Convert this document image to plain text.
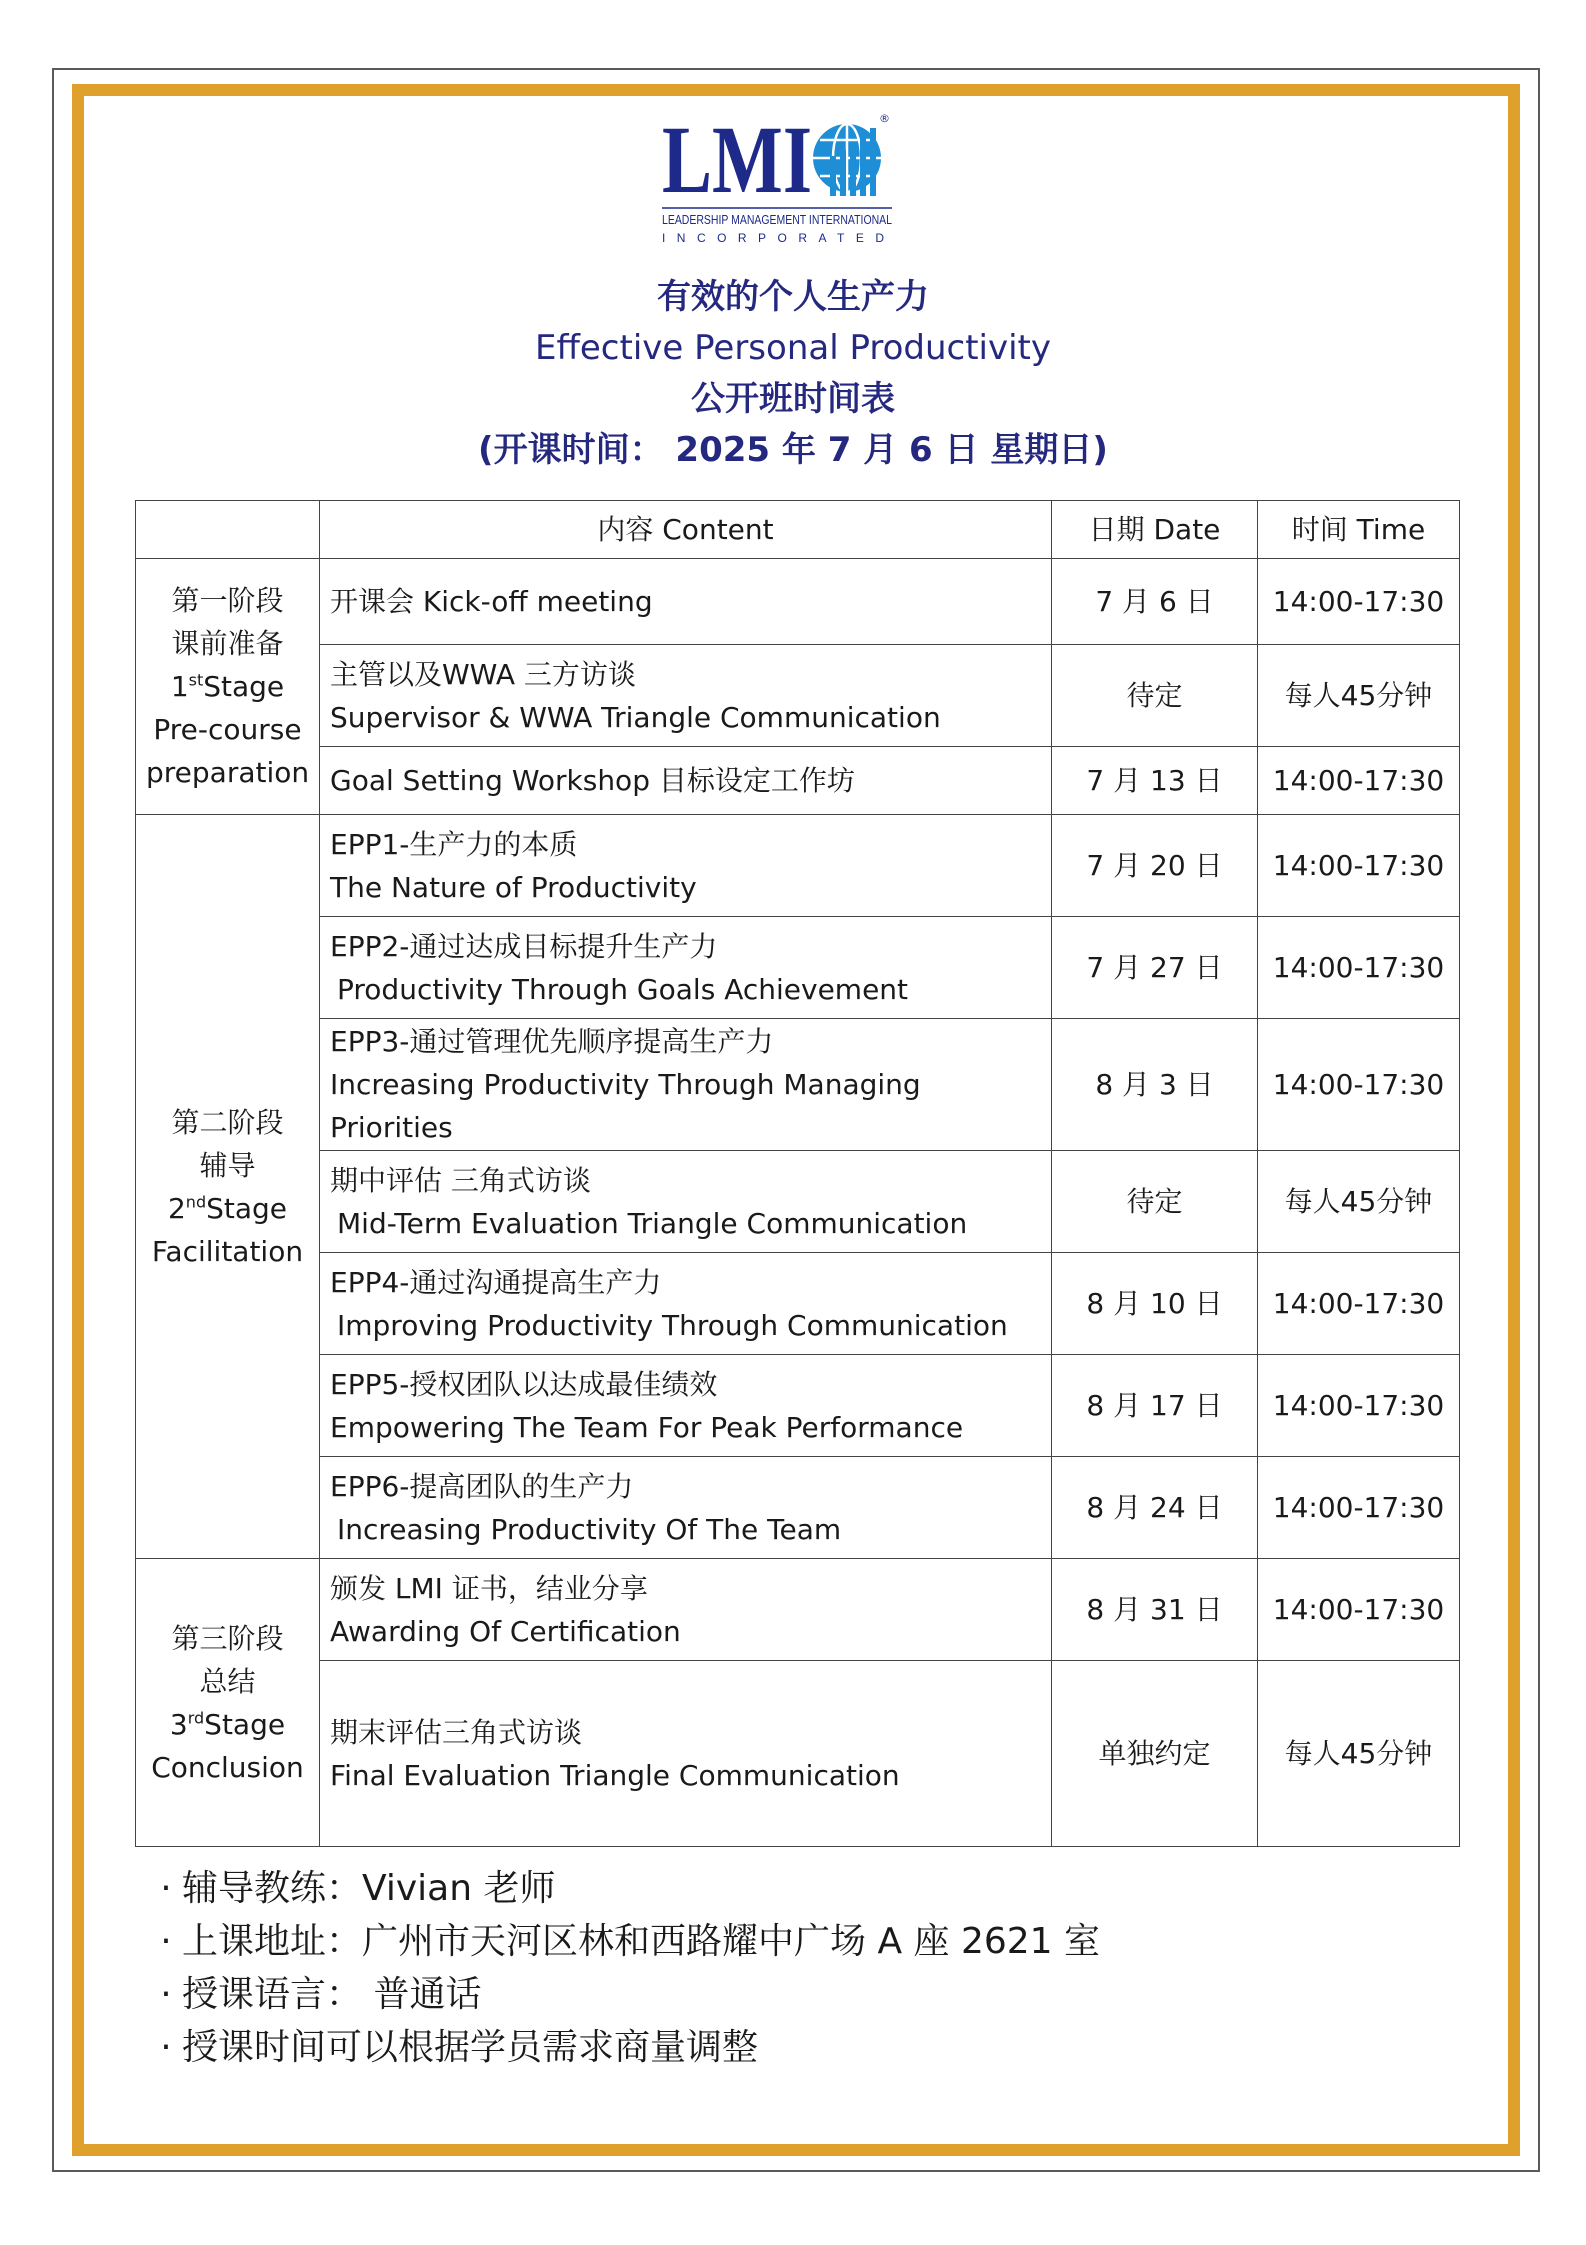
LMI	®
LEADERSHIP MANAGEMENT INTERNATIONAL
INCORPORATED
有效的个人生产力
Effective Personal Productivity
公开班时间表
(开课时间： 2025 年 7 月 6 日 星期日)
	内容 Content	日期 Date	时间 Time

第一阶段
课前准备
1stStage
Pre-course
preparation	开课会 Kick-off meeting	7 月 6 日	14:00-17:30

	主管以及WWA 三方访谈
Supervisor & WWA Triangle Communication	待定	每人45分钟

	Goal Setting Workshop 目标设定工作坊	7 月 13 日	14:00-17:30

第二阶段
辅导
2ndStage
Facilitation	EPP1-生产力的本质
The Nature of Productivity	7 月 20 日	14:00-17:30

	EPP2-通过达成目标提升生产力
Productivity Through Goals Achievement	7 月 27 日	14:00-17:30

	EPP3-通过管理优先顺序提高生产力
Increasing Productivity Through Managing
Priorities	8 月 3 日	14:00-17:30

	期中评估 三角式访谈
Mid-Term Evaluation Triangle Communication	待定	每人45分钟

	EPP4-通过沟通提高生产力
Improving Productivity Through Communication	8 月 10 日	14:00-17:30

	EPP5-授权团队以达成最佳绩效
Empowering The Team For Peak Performance	8 月 17 日	14:00-17:30

	EPP6-提高团队的生产力
Increasing Productivity Of The Team	8 月 24 日	14:00-17:30

第三阶段
总结
3rdStage
Conclusion	颁发 LMI 证书，结业分享
Awarding Of Certification	8 月 31 日	14:00-17:30

	期末评估三角式访谈
Final Evaluation Triangle Communication	单独约定	每人45分钟
· 辅导教练：Vivian 老师
· 上课地址：广州市天河区林和西路耀中广场 A 座 2621 室
· 授课语言： 普通话
· 授课时间可以根据学员需求商量调整
